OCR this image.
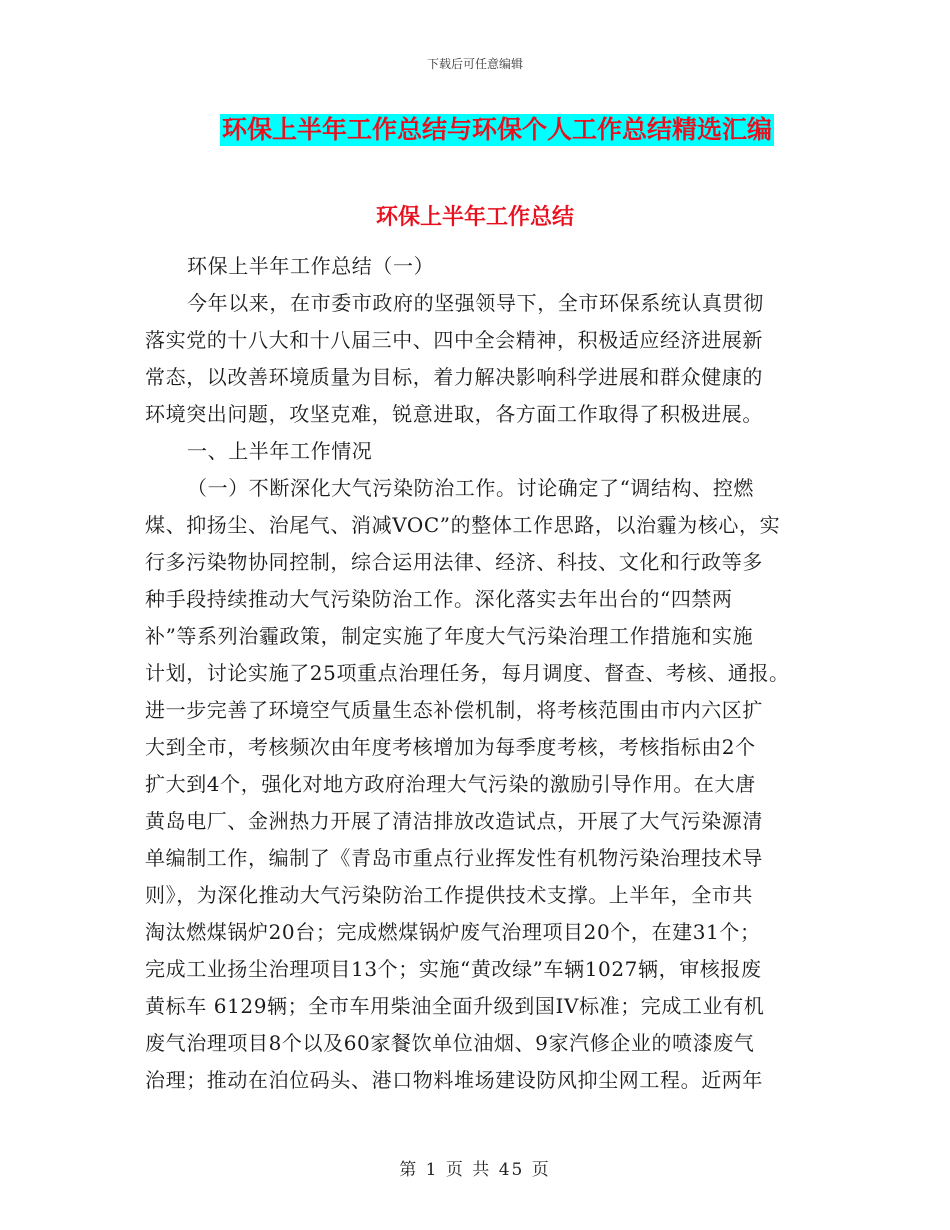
下载后可任意编辑
环保上半年工作总结与环保个人工作总结精选汇编
环保上半年工作总结
环保上半年工作总结（一）
今年以来，在市委市政府的坚强领导下，全市环保系统认真贯彻
落实党的十八大和十八届三中、四中全会精神，积极适应经济进展新
常态，以改善环境质量为目标，着力解决影响科学进展和群众健康的
环境突出问题，攻坚克难，锐意进取，各方面工作取得了积极进展。
一、上半年工作情况
（一）不断深化大气污染防治工作。讨论确定了“调结构、控燃
煤、抑扬尘、治尾气、消减VOC”的整体工作思路，以治霾为核心，实
行多污染物协同控制，综合运用法律、经济、科技、文化和行政等多
种手段持续推动大气污染防治工作。深化落实去年出台的“四禁两
补”等系列治霾政策，制定实施了年度大气污染治理工作措施和实施
计划，讨论实施了25项重点治理任务，每月调度、督查、考核、通报。
进一步完善了环境空气质量生态补偿机制，将考核范围由市内六区扩
大到全市，考核频次由年度考核增加为每季度考核，考核指标由2个
扩大到4个，强化对地方政府治理大气污染的激励引导作用。在大唐
黄岛电厂、金洲热力开展了清洁排放改造试点，开展了大气污染源清
单编制工作，编制了《青岛市重点行业挥发性有机物污染治理技术导
则》，为深化推动大气污染防治工作提供技术支撑。上半年，全市共
淘汰燃煤锅炉20台；完成燃煤锅炉废气治理项目20个，在建31个；
完成工业扬尘治理项目13个；实施“黄改绿”车辆1027辆，审核报废
黄标车 6129辆；全市车用柴油全面升级到国IV标准；完成工业有机
废气治理项目8个以及60家餐饮单位油烟、9家汽修企业的喷漆废气
治理；推动在泊位码头、港口物料堆场建设防风抑尘网工程。近两年
第 1 页 共 45 页
